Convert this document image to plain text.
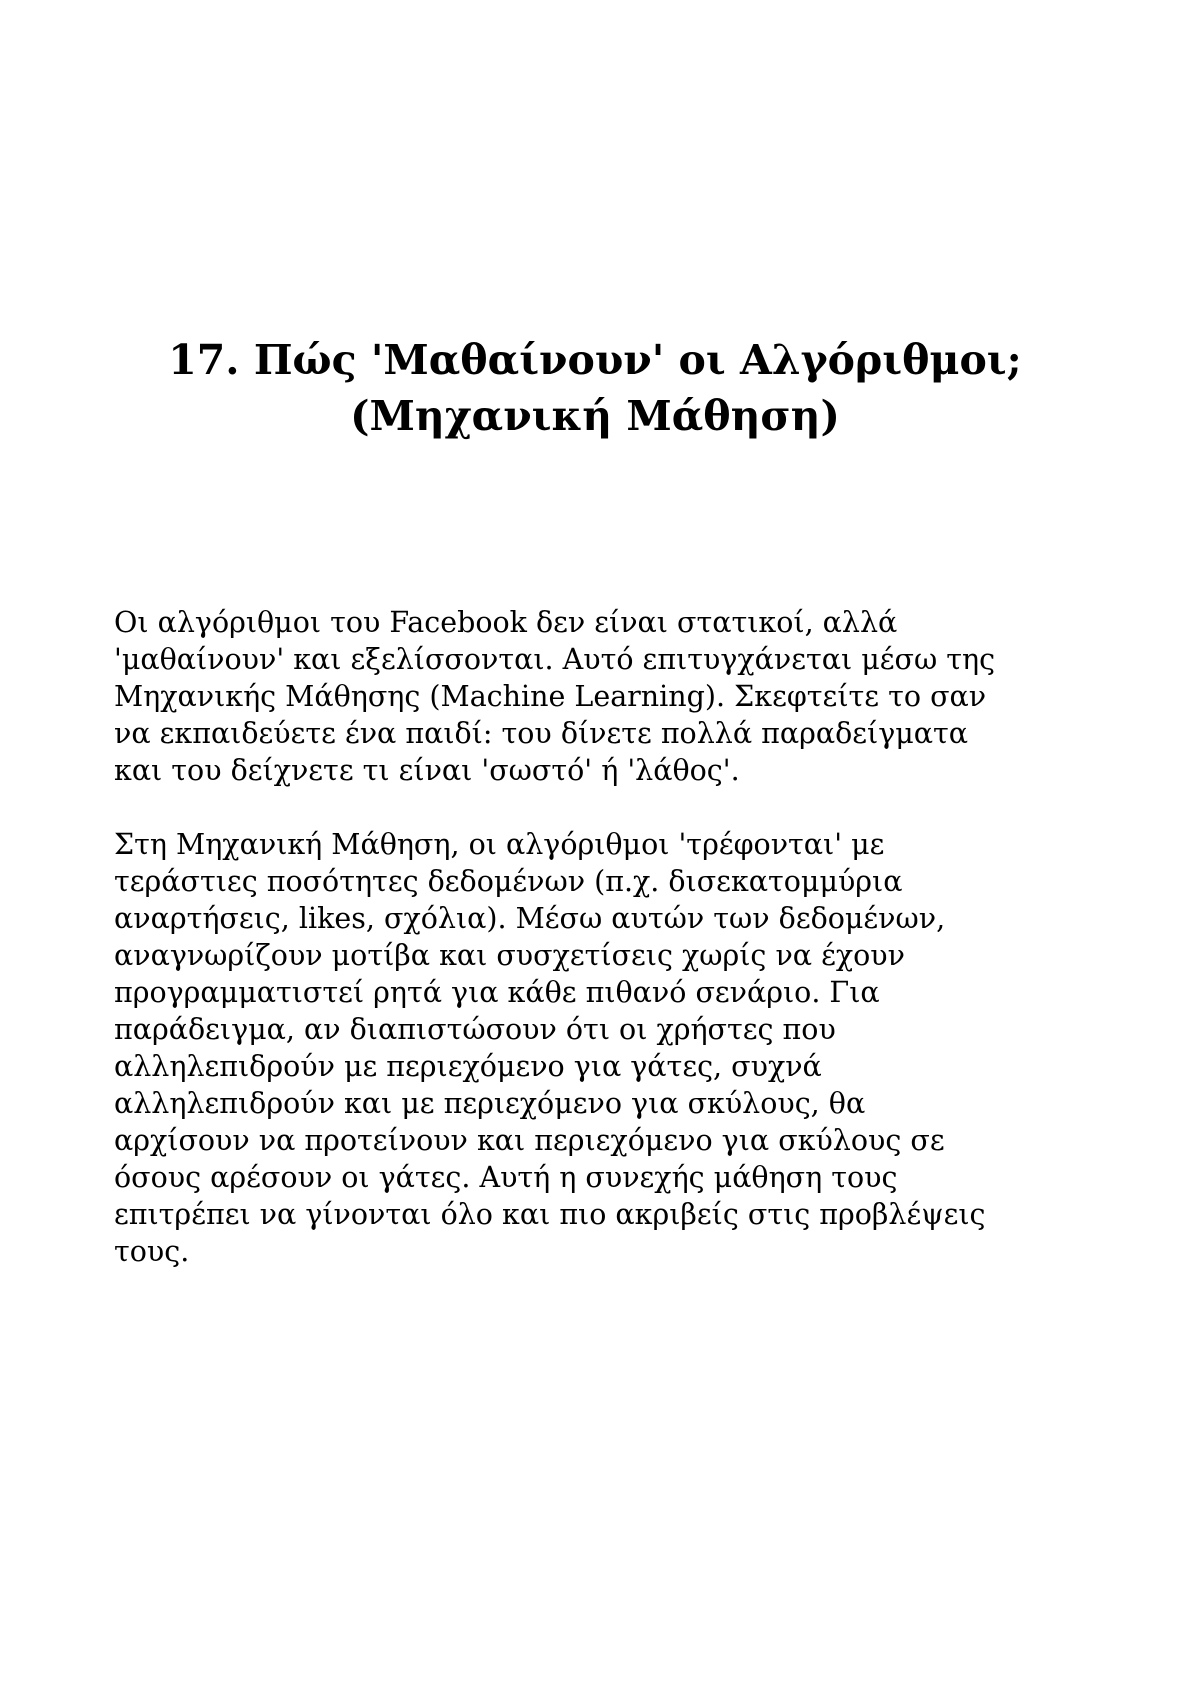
17. Πώς 'Μαθαίνουν' οι Αλγόριθμοι;
(Μηχανική Μάθηση)

Οι αλγόριθμοι του Facebook δεν είναι στατικοί, αλλά
'μαθαίνουν' και εξελίσσονται. Αυτό επιτυγχάνεται μέσω της
Μηχανικής Μάθησης (Machine Learning). Σκεφτείτε το σαν
να εκπαιδεύετε ένα παιδί: του δίνετε πολλά παραδείγματα
και του δείχνετε τι είναι 'σωστό' ή 'λάθος'.

Στη Μηχανική Μάθηση, οι αλγόριθμοι 'τρέφονται' με
τεράστιες ποσότητες δεδομένων (π.χ. δισεκατομμύρια
αναρτήσεις, likes, σχόλια). Μέσω αυτών των δεδομένων,
αναγνωρίζουν μοτίβα και συσχετίσεις χωρίς να έχουν
προγραμματιστεί ρητά για κάθε πιθανό σενάριο. Για
παράδειγμα, αν διαπιστώσουν ότι οι χρήστες που
αλληλεπιδρούν με περιεχόμενο για γάτες, συχνά
αλληλεπιδρούν και με περιεχόμενο για σκύλους, θα
αρχίσουν να προτείνουν και περιεχόμενο για σκύλους σε
όσους αρέσουν οι γάτες. Αυτή η συνεχής μάθηση τους
επιτρέπει να γίνονται όλο και πιο ακριβείς στις προβλέψεις
τους.
